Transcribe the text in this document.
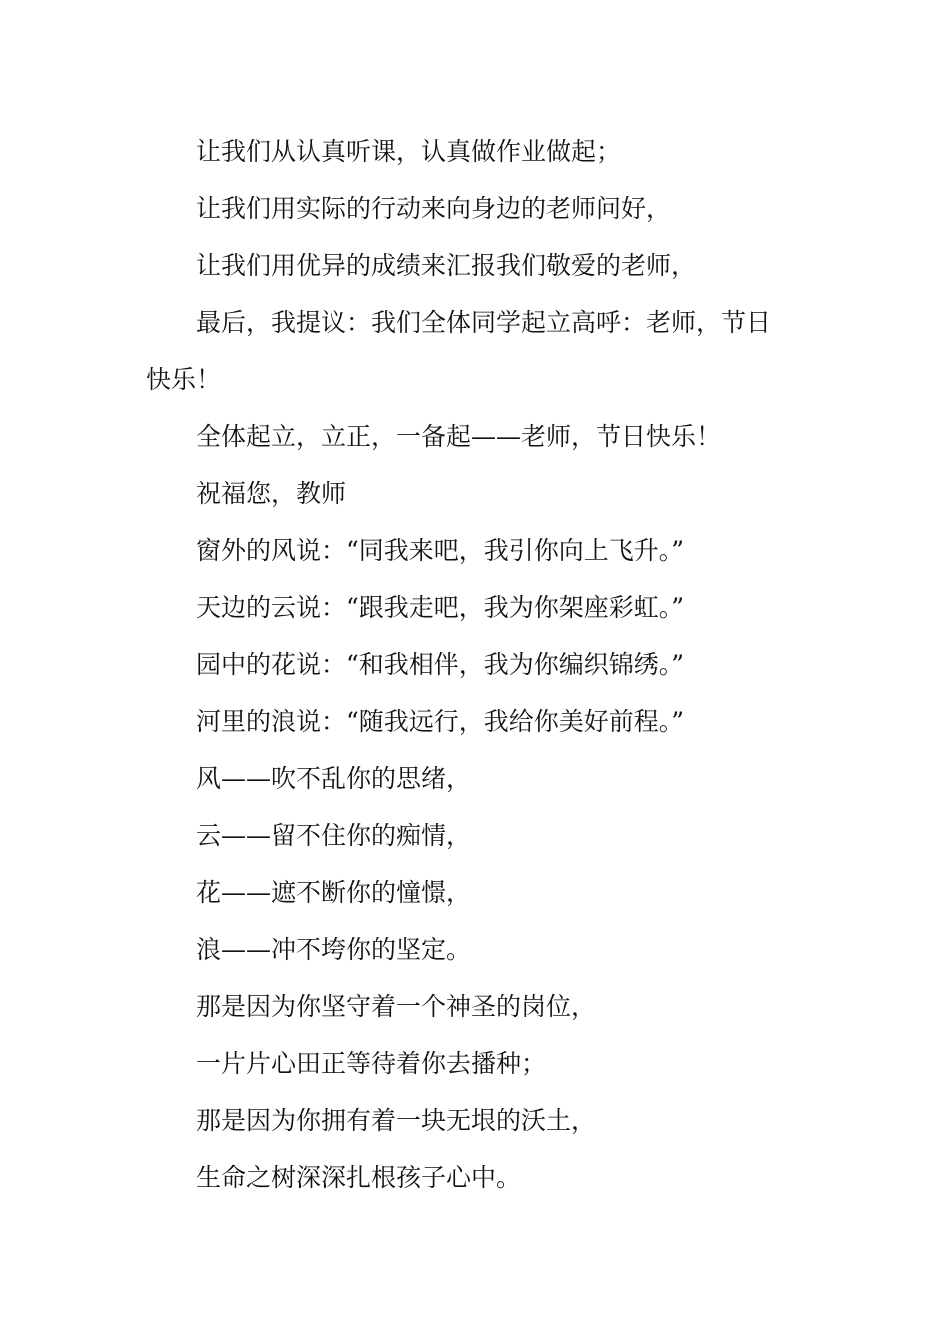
让我们从认真听课，认真做作业做起；

让我们用实际的行动来向身边的老师问好，

让我们用优异的成绩来汇报我们敬爱的老师，

最后，我提议：我们全体同学起立高呼：老师，节日

快乐！

全体起立，立正，一备起——老师，节日快乐！

祝福您，教师

窗外的风说：“同我来吧，我引你向上飞升。”

天边的云说：“跟我走吧，我为你架座彩虹。”

园中的花说：“和我相伴，我为你编织锦绣。”

河里的浪说：“随我远行，我给你美好前程。”

风——吹不乱你的思绪，

云——留不住你的痴情，

花——遮不断你的憧憬，

浪——冲不垮你的坚定。

那是因为你坚守着一个神圣的岗位，

一片片心田正等待着你去播种；

那是因为你拥有着一块无垠的沃土，

生命之树深深扎根孩子心中。
